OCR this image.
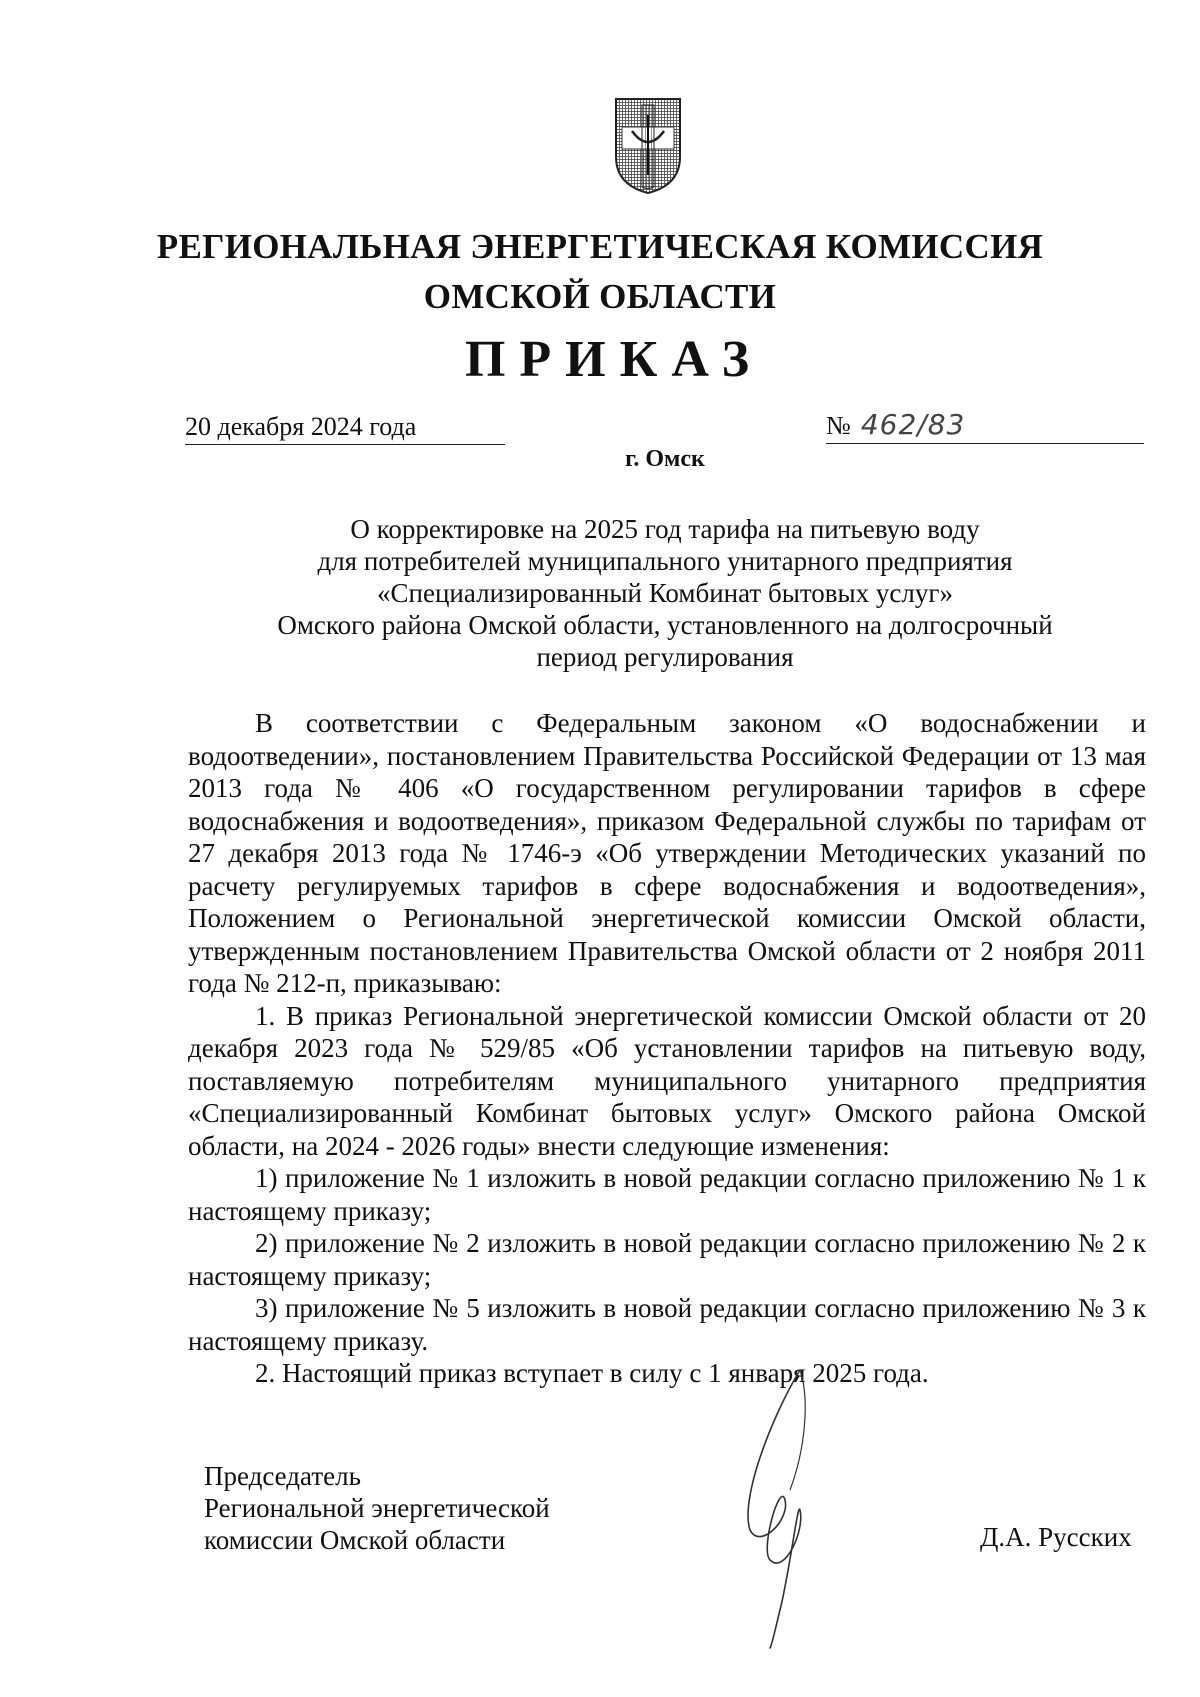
РЕГИОНАЛЬНАЯ ЭНЕРГЕТИЧЕСКАЯ КОМИССИЯ
ОМСКОЙ ОБЛАСТИ
ПРИКАЗ
20 декабря 2024 года	№ 462/83
г. Омск
О корректировке на 2025 год тарифа на питьевую воду
для потребителей муниципального унитарного предприятия
«Специализированный Комбинат бытовых услуг»
Омского района Омской области, установленного на долгосрочный
период регулирования

В соответствии с Федеральным законом «О водоснабжении и водоотведении», постановлением Правительства Российской Федерации от 13 мая 2013 года № 406 «О государственном регулировании тарифов в сфере водоснабжения и водоотведения», приказом Федеральной службы по тарифам от 27 декабря 2013 года № 1746-э «Об утверждении Методических указаний по расчету регулируемых тарифов в сфере водоснабжения и водоотведения», Положением о Региональной энергетической комиссии Омской области, утвержденным постановлением Правительства Омской области от 2 ноября 2011 года № 212-п, приказываю:

1. В приказ Региональной энергетической комиссии Омской области от 20 декабря 2023 года № 529/85 «Об установлении тарифов на питьевую воду, поставляемую потребителям муниципального унитарного предприятия «Специализированный Комбинат бытовых услуг» Омского района Омской области, на 2024 - 2026 годы» внести следующие изменения:

1) приложение № 1 изложить в новой редакции согласно приложению № 1 к настоящему приказу;

2) приложение № 2 изложить в новой редакции согласно приложению № 2 к настоящему приказу;

3) приложение № 5 изложить в новой редакции согласно приложению № 3 к настоящему приказу.

2. Настоящий приказ вступает в силу с 1 января 2025 года.

Председатель
Региональной энергетической
комиссии Омской области	Д.А. Русских
